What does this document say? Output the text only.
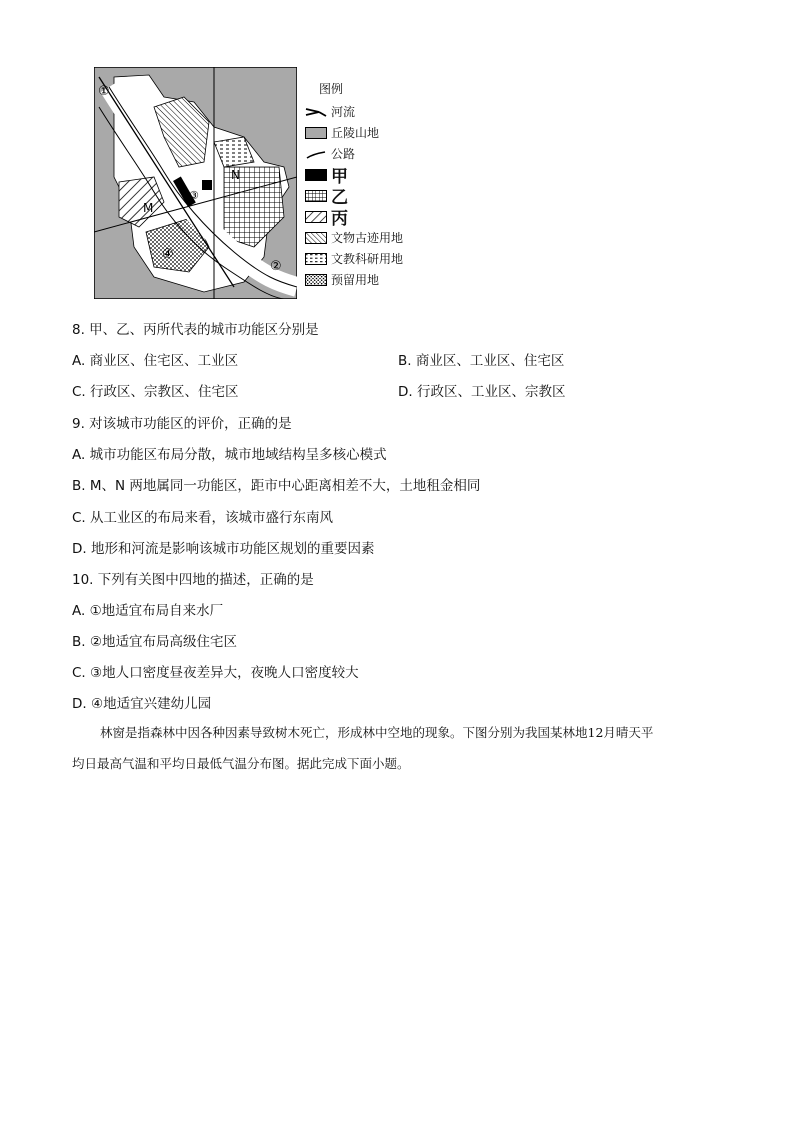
①
②
③
④
M
N
图例
河流
丘陵山地
公路
甲
乙
丙
文物古迹用地
文教科研用地
预留用地
8. 甲、乙、丙所代表的城市功能区分别是
A. 商业区、住宅区、工业区	B. 商业区、工业区、住宅区
C. 行政区、宗教区、住宅区	D. 行政区、工业区、宗教区
9. 对该城市功能区的评价，正确的是
A. 城市功能区布局分散，城市地域结构呈多核心模式
B. M、N 两地属同一功能区，距市中心距离相差不大，土地租金相同
C. 从工业区的布局来看，该城市盛行东南风
D. 地形和河流是影响该城市功能区规划的重要因素
10. 下列有关图中四地的描述，正确的是
A. ①地适宜布局自来水厂
B. ②地适宜布局高级住宅区
C. ③地人口密度昼夜差异大，夜晚人口密度较大
D. ④地适宜兴建幼儿园
林窗是指森林中因各种因素导致树木死亡，形成林中空地的现象。下图分别为我国某林地12月晴天平
均日最高气温和平均日最低气温分布图。据此完成下面小题。
